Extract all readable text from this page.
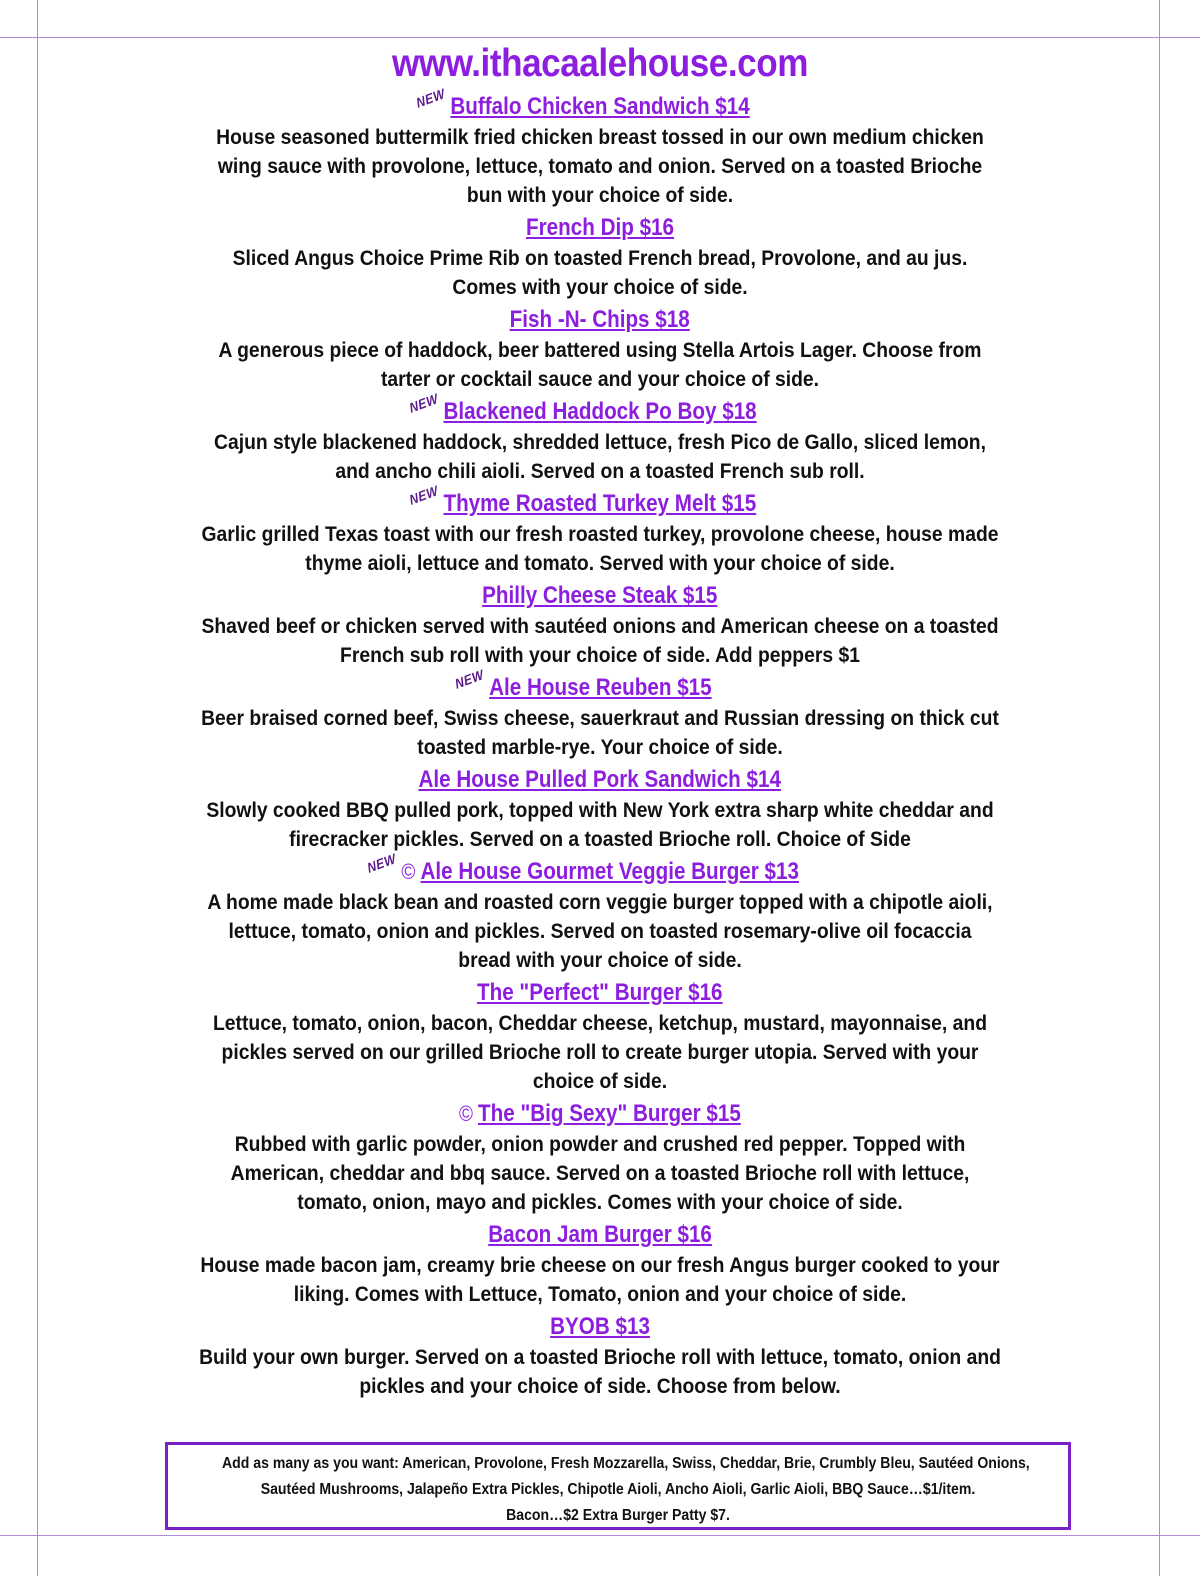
www.ithacaalehouse.com
NEW Buffalo Chicken Sandwich $14
House seasoned buttermilk fried chicken breast tossed in our own medium chicken
wing sauce with provolone, lettuce, tomato and onion. Served on a toasted Brioche
bun with your choice of side.
French Dip $16
Sliced Angus Choice Prime Rib on toasted French bread, Provolone, and au jus.
Comes with your choice of side.
Fish -N- Chips $18
A generous piece of haddock, beer battered using Stella Artois Lager. Choose from
tarter or cocktail sauce and your choice of side.
NEW Blackened Haddock Po Boy $18
Cajun style blackened haddock, shredded lettuce, fresh Pico de Gallo, sliced lemon,
and ancho chili aioli. Served on a toasted French sub roll.
NEW Thyme Roasted Turkey Melt $15
Garlic grilled Texas toast with our fresh roasted turkey, provolone cheese, house made
thyme aioli, lettuce and tomato. Served with your choice of side.
Philly Cheese Steak $15
Shaved beef or chicken served with sautéed onions and American cheese on a toasted
French sub roll with your choice of side. Add peppers $1
NEW Ale House Reuben $15
Beer braised corned beef, Swiss cheese, sauerkraut and Russian dressing on thick cut
toasted marble-rye. Your choice of side.
Ale House Pulled Pork Sandwich $14
Slowly cooked BBQ pulled pork, topped with New York extra sharp white cheddar and
firecracker pickles. Served on a toasted Brioche roll. Choice of Side
NEW © Ale House Gourmet Veggie Burger $13
A home made black bean and roasted corn veggie burger topped with a chipotle aioli,
lettuce, tomato, onion and pickles. Served on toasted rosemary-olive oil focaccia
bread with your choice of side.
The "Perfect" Burger $16
Lettuce, tomato, onion, bacon, Cheddar cheese, ketchup, mustard, mayonnaise, and
pickles served on our grilled Brioche roll to create burger utopia. Served with your
choice of side.
© The "Big Sexy" Burger $15
Rubbed with garlic powder, onion powder and crushed red pepper. Topped with
American, cheddar and bbq sauce. Served on a toasted Brioche roll with lettuce,
tomato, onion, mayo and pickles. Comes with your choice of side.
Bacon Jam Burger $16
House made bacon jam, creamy brie cheese on our fresh Angus burger cooked to your
liking. Comes with Lettuce, Tomato, onion and your choice of side.
BYOB $13
Build your own burger. Served on a toasted Brioche roll with lettuce, tomato, onion and
pickles and your choice of side. Choose from below.
Add as many as you want: American, Provolone, Fresh Mozzarella, Swiss, Cheddar, Brie, Crumbly Bleu, Sautéed Onions,
Sautéed Mushrooms, Jalapeño Extra Pickles, Chipotle Aioli, Ancho Aioli, Garlic Aioli, BBQ Sauce…$1/item.
Bacon…$2 Extra Burger Patty $7.
